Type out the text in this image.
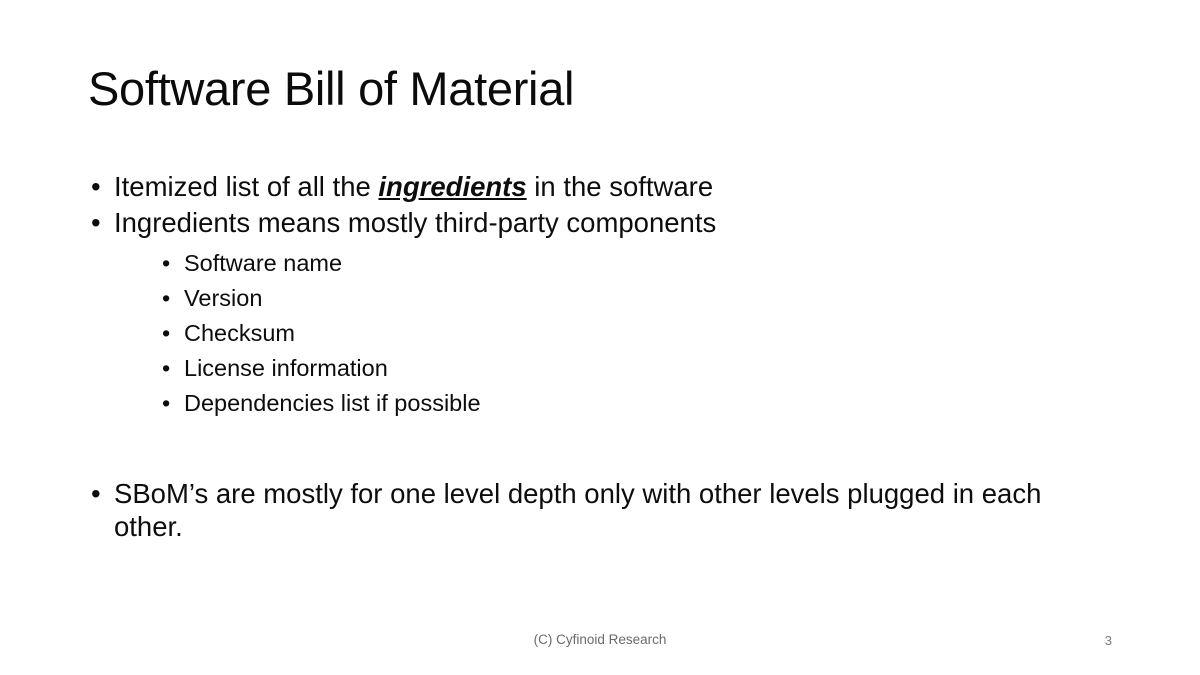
Software Bill of Material
• Itemized list of all the ingredients in the software
• Ingredients means mostly third-party components
• Software name
• Version
• Checksum
• License information
• Dependencies list if possible
• SBoM’s are mostly for one level depth only with other levels plugged in each other.
(C) Cyfinoid Research	3
